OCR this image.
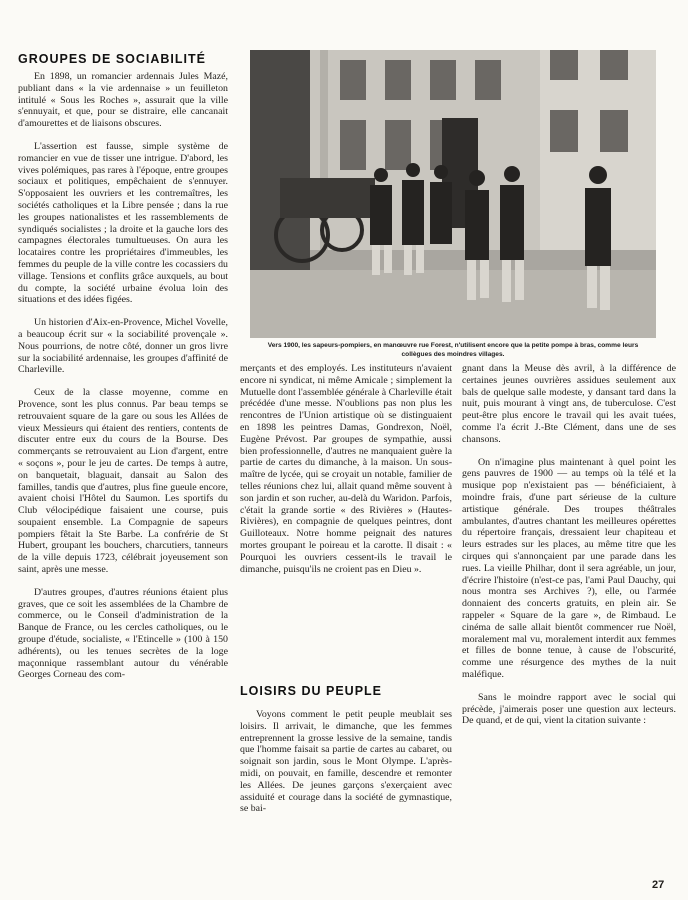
GROUPES DE SOCIABILITÉ

En 1898, un romancier ardennais Jules Mazé, publiant dans « la vie ardennaise » un feuilleton intitulé « Sous les Roches », assurait que la ville s'ennuyait, et que, pour se distraire, elle cancanait d'amourettes et de liaisons obscures.

L'assertion est fausse, simple système de romancier en vue de tisser une intrigue. D'abord, les vives polémiques, pas rares à l'époque, entre groupes sociaux et politiques, empêchaient de s'ennuyer. S'opposaient les ouvriers et les contremaîtres, les sociétés catholiques et la Libre pensée ; dans la rue les groupes nationalistes et les rassemblements de syndiqués socialistes ; la droite et la gauche lors des campagnes électorales tumultueuses. On aura les locataires contre les propriétaires d'immeubles, les femmes du peuple de la ville contre les cocassiers du village. Tensions et conflits grâce auxquels, au bout du compte, la société urbaine évolua loin des situations et des idées figées.

Un historien d'Aix-en-Provence, Michel Vovelle, a beaucoup écrit sur « la sociabilité provençale ». Nous pourrions, de notre côté, donner un gros livre sur la sociabilité ardennaise, les groupes d'affinité de Charleville.

Ceux de la classe moyenne, comme en Provence, sont les plus connus. Par beau temps se retrouvaient square de la gare ou sous les Allées de vieux Messieurs qui étaient des rentiers, contents de discuter entre eux du cours de la Bourse. Des commerçants se retrouvaient au Lion d'argent, entre « soçons », pour le jeu de cartes. De temps à autre, on banquetait, blaguait, dansait au Salon des familles, tandis que d'autres, plus fine gueule encore, avaient choisi l'Hôtel du Saumon. Les sportifs du Club vélocipédique faisaient une course, puis soupaient ensemble. La Compagnie de sapeurs pompiers fêtait la Ste Barbe. La confrérie de St Hubert, groupant les bouchers, charcutiers, tanneurs de la ville depuis 1723, célébrait joyeusement son saint, après une messe.

D'autres groupes, d'autres réunions étaient plus graves, que ce soit les assemblées de la Chambre de commerce, ou le Conseil d'administration de la Banque de France, ou les cercles catholiques, ou le groupe d'étude, socialiste, « l'Etincelle » (100 à 150 adhérents), ou les tenues secrètes de la loge maçonnique rassemblant autour du vénérable Georges Corneau des com-

Vers 1900, les sapeurs-pompiers, en manœuvre rue Forest, n'utilisent encore que la petite pompe à bras, comme leurs collègues des moindres villages.

merçants et des employés. Les instituteurs n'avaient encore ni syndicat, ni même Amicale ; simplement la Mutuelle dont l'assemblée générale à Charleville était précédée d'une messe. N'oublions pas non plus les rencontres de l'Union artistique où se distinguaient en 1898 les peintres Damas, Gondrexon, Noël, Eugène Prévost. Par groupes de sympathie, aussi bien professionnelle, d'autres ne manquaient guère la partie de cartes du dimanche, à la maison. Un sous-maître de lycée, qui se croyait un notable, familier de telles réunions chez lui, allait quand même souvent à son jardin et son rucher, au-delà du Waridon. Parfois, c'était la grande sortie « des Rivières » (Hautes-Rivières), en compagnie de quelques peintres, dont Guilloteaux. Notre homme peignait des natures mortes groupant le poireau et la carotte. Il disait : « Pourquoi les ouvriers cessent-ils le travail le dimanche, puisqu'ils ne croient pas en Dieu ».

LOISIRS DU PEUPLE

Voyons comment le petit peuple meublait ses loisirs. Il arrivait, le dimanche, que les femmes entreprennent la grosse lessive de la semaine, tandis que l'homme faisait sa partie de cartes au cabaret, ou soignait son jardin, sous le Mont Olympe. L'après-midi, on pouvait, en famille, descendre et remonter les Allées. De jeunes garçons s'exerçaient avec assiduité et courage dans la société de gymnastique, se bai-

gnant dans la Meuse dès avril, à la différence de certaines jeunes ouvrières assidues seulement aux bals de quelque salle modeste, y dansant tard dans la nuit, puis mourant à vingt ans, de tuberculose. C'est peut-être plus encore le travail qui les avait tuées, comme l'a écrit J.-Bte Clément, dans une de ses chansons.

On n'imagine plus maintenant à quel point les gens pauvres de 1900 — au temps où la télé et la musique pop n'existaient pas — bénéficiaient, à moindre frais, d'une part sérieuse de la culture artistique générale. Des troupes théâtrales ambulantes, d'autres chantant les meilleures opérettes du répertoire français, dressaient leur chapiteau et leurs estrades sur les places, au même titre que les cirques qui s'annonçaient par une parade dans les rues. La vieille Philhar, dont il sera agréable, un jour, d'écrire l'histoire (n'est-ce pas, l'ami Paul Dauchy, qui nous montra ses Archives ?), elle, ou l'armée donnaient des concerts gratuits, en plein air. Se rappeler « Square de la gare », de Rimbaud. Le cinéma de salle allait bientôt commencer rue Noël, moralement mal vu, moralement interdit aux femmes et filles de bonne tenue, à cause de l'obscurité, comme une résurgence des mythes de la nuit maléfique.

Sans le moindre rapport avec le social qui précède, j'aimerais poser une question aux lecteurs. De quand, et de qui, vient la citation suivante :

27
